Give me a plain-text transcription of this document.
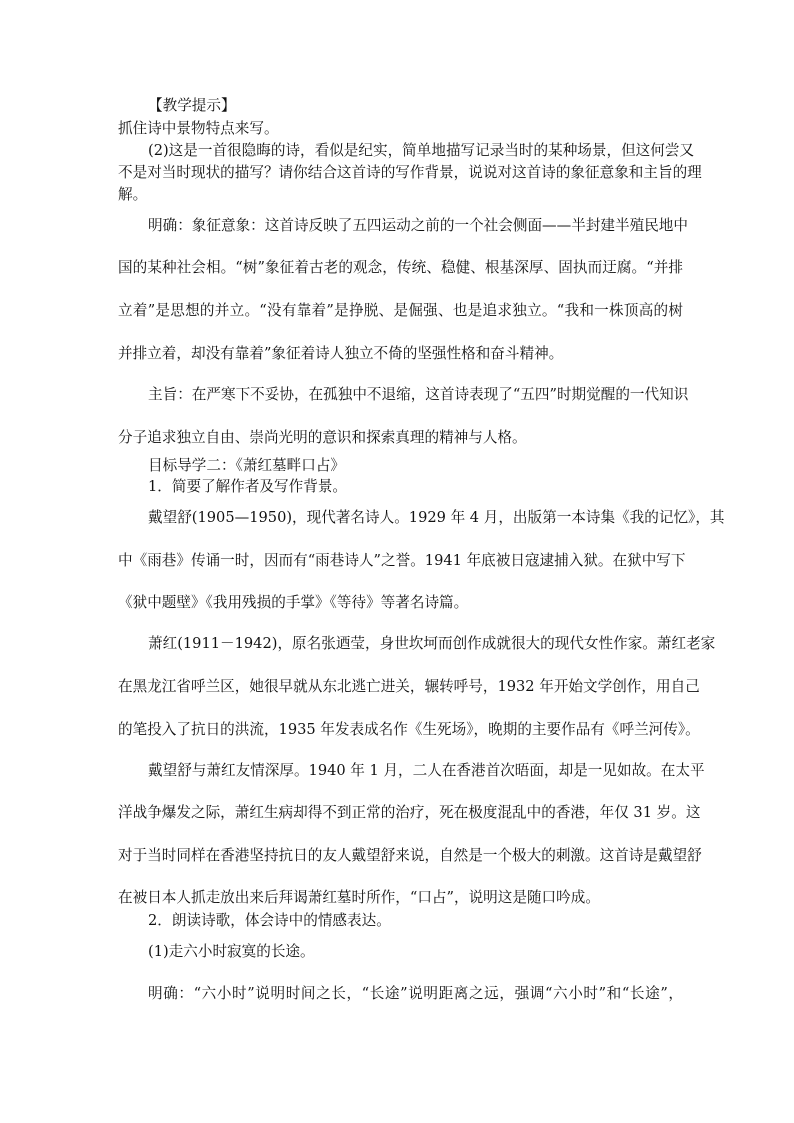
【教学提示】
抓住诗中景物特点来写。
(2)这是一首很隐晦的诗，看似是纪实，简单地描写记录当时的某种场景，但这何尝又
不是对当时现状的描写？请你结合这首诗的写作背景，说说对这首诗的象征意象和主旨的理
解。
明确：象征意象：这首诗反映了五四运动之前的一个社会侧面——半封建半殖民地中
国的某种社会相。“树”象征着古老的观念，传统、稳健、根基深厚、固执而迂腐。“并排
立着”是思想的并立。“没有靠着”是挣脱、是倔强、也是追求独立。“我和一株顶高的树
并排立着，却没有靠着”象征着诗人独立不倚的坚强性格和奋斗精神。
主旨：在严寒下不妥协，在孤独中不退缩，这首诗表现了“五四”时期觉醒的一代知识
分子追求独立自由、崇尚光明的意识和探索真理的精神与人格。
目标导学二：《萧红墓畔口占》
1．简要了解作者及写作背景。
戴望舒(1905—1950)，现代著名诗人。1929 年 4 月，出版第一本诗集《我的记忆》，其
中《雨巷》传诵一时，因而有“雨巷诗人”之誉。1941 年底被日寇逮捕入狱。在狱中写下
《狱中题壁》《我用残损的手掌》《等待》等著名诗篇。
萧红(1911－1942)，原名张迺莹，身世坎坷而创作成就很大的现代女性作家。萧红老家
在黑龙江省呼兰区，她很早就从东北逃亡进关，辗转呼号，1932 年开始文学创作，用自己
的笔投入了抗日的洪流，1935 年发表成名作《生死场》，晚期的主要作品有《呼兰河传》。
戴望舒与萧红友情深厚。1940 年 1 月，二人在香港首次晤面，却是一见如故。在太平
洋战争爆发之际，萧红生病却得不到正常的治疗，死在极度混乱中的香港，年仅 31 岁。这
对于当时同样在香港坚持抗日的友人戴望舒来说，自然是一个极大的刺激。这首诗是戴望舒
在被日本人抓走放出来后拜谒萧红墓时所作，“口占”，说明这是随口吟成。
2．朗读诗歌，体会诗中的情感表达。
(1)走六小时寂寞的长途。
明确：“六小时”说明时间之长，“长途”说明距离之远，强调“六小时”和“长途”，
